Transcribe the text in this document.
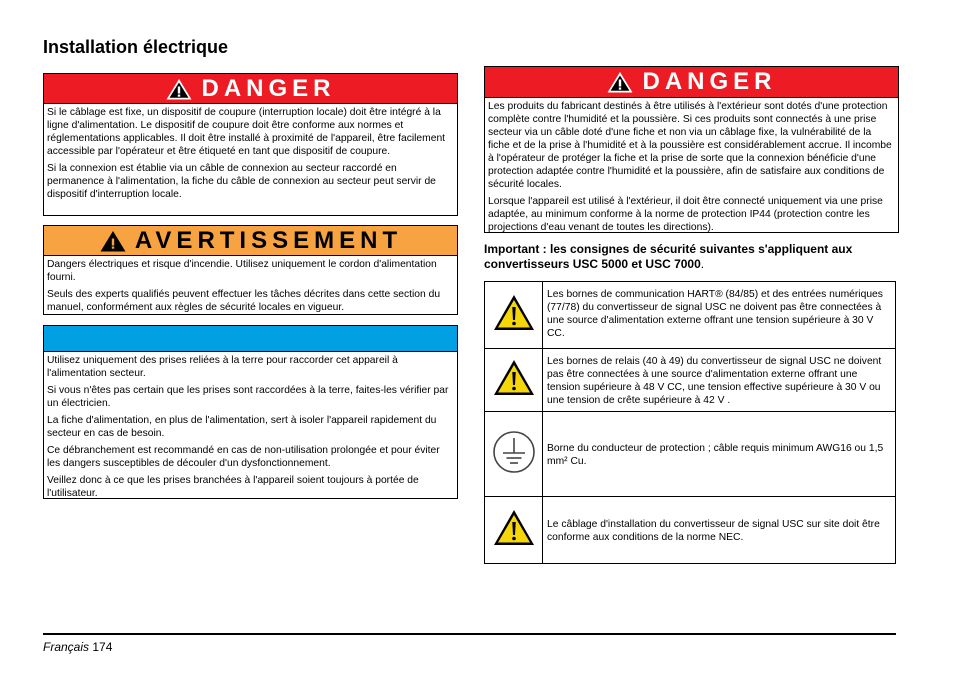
Installation électrique
DANGER

Si le câblage est fixe, un dispositif de coupure (interruption locale) doit être intégré à la ligne d'alimentation. Le dispositif de coupure doit être conforme aux normes et réglementations applicables. Il doit être installé à proximité de l'appareil, être facilement accessible par l'opérateur et être étiqueté en tant que dispositif de coupure.

Si la connexion est établie via un câble de connexion au secteur raccordé en permanence à l'alimentation, la fiche du câble de connexion au secteur peut servir de dispositif d'interruption locale.

AVERTISSEMENT

Dangers électriques et risque d'incendie. Utilisez uniquement le cordon d'alimentation fourni.

Seuls des experts qualifiés peuvent effectuer les tâches décrites dans cette section du manuel, conformément aux règles de sécurité locales en vigueur.

Utilisez uniquement des prises reliées à la terre pour raccorder cet appareil à l'alimentation secteur.

Si vous n'êtes pas certain que les prises sont raccordées à la terre, faites-les vérifier par un électricien.

La fiche d'alimentation, en plus de l'alimentation, sert à isoler l'appareil rapidement du secteur en cas de besoin.

Ce débranchement est recommandé en cas de non-utilisation prolongée et pour éviter les dangers susceptibles de découler d'un dysfonctionnement.

Veillez donc à ce que les prises branchées à l'appareil soient toujours à portée de l'utilisateur.

DANGER

Les produits du fabricant destinés à être utilisés à l'extérieur sont dotés d'une protection complète contre l'humidité et la poussière. Si ces produits sont connectés à une prise secteur via un câble doté d'une fiche et non via un câblage fixe, la vulnérabilité de la fiche et de la prise à l'humidité et à la poussière est considérablement accrue. Il incombe à l'opérateur de protéger la fiche et la prise de sorte que la connexion bénéficie d'une protection adaptée contre l'humidité et la poussière, afin de satisfaire aux conditions de sécurité locales.

Lorsque l'appareil est utilisé à l'extérieur, il doit être connecté uniquement via une prise adaptée, au minimum conforme à la norme de protection IP44 (protection contre les projections d'eau venant de toutes les directions).

Important : les consignes de sécurité suivantes s'appliquent aux convertisseurs USC 5000 et USC 7000.
	Les bornes de communication HART® (84/85) et des entrées numériques (77/78) du convertisseur de signal USC ne doivent pas être connectées à une source d'alimentation externe offrant une tension supérieure à 30 V CC.
	Les bornes de relais (40 à 49) du convertisseur de signal USC ne doivent pas être connectées à une source d'alimentation externe offrant une tension supérieure à 48 V CC, une tension effective supérieure à 30 V ou une tension de crête supérieure à 42 V .
	Borne du conducteur de protection ; câble requis minimum AWG16 ou 1,5 mm² Cu.
	Le câblage d'installation du convertisseur de signal USC sur site doit être conforme aux conditions de la norme NEC.
Français 174
